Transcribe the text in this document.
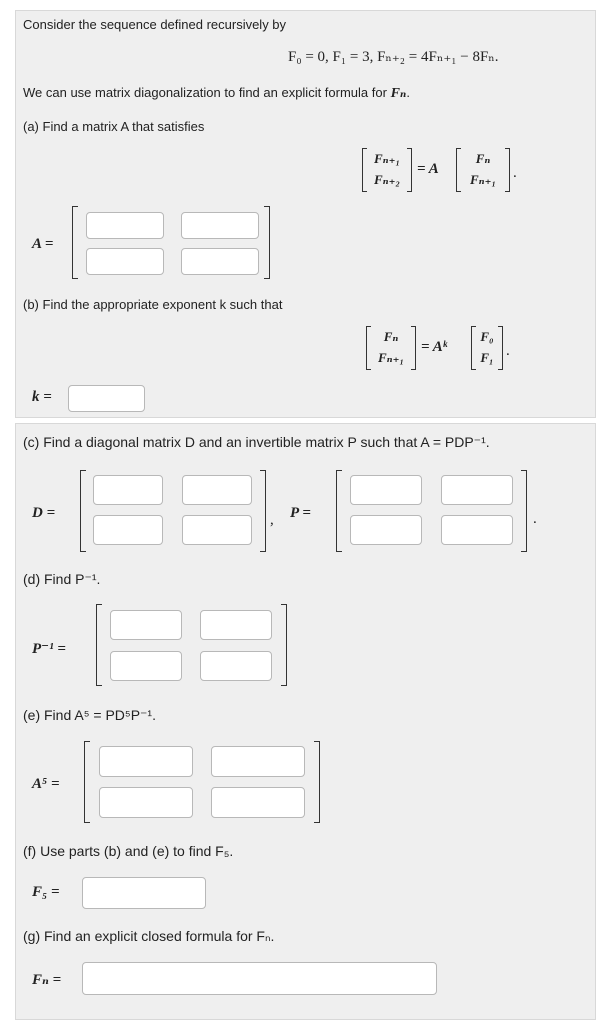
Consider the sequence defined recursively by
F₀ = 0, F₁ = 3, Fₙ₊₂ = 4Fₙ₊₁ − 8Fₙ.
We can use matrix diagonalization to find an explicit formula for Fₙ.
(a) Find a matrix A that satisfies
Fₙ₊₁
Fₙ₊₂
= A
Fₙ
Fₙ₊₁	.
A =
(b) Find the appropriate exponent k such that
Fₙ
Fₙ₊₁
= Aᵏ
F₀
F₁ .
k =
(c) Find a diagonal matrix D and an invertible matrix P such that A = PDP⁻¹.
D =	, P =	.
(d) Find P⁻¹.
P⁻¹ =
(e) Find A⁵ = PD⁵P⁻¹.
A⁵ =
(f) Use parts (b) and (e) to find F₅.
F₅ =
(g) Find an explicit closed formula for Fₙ.
Fₙ =
